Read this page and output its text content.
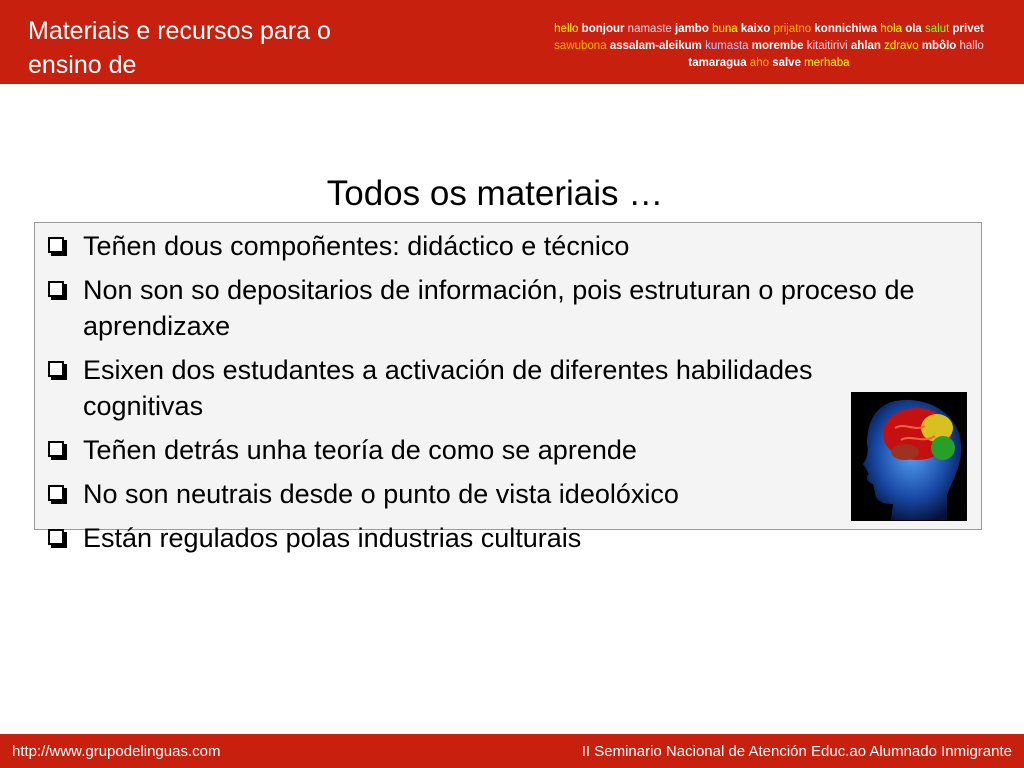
Materiais e recursos para o ensino de
hello bonjour namaste jambo buna kaixo prijatno konnichiwa hola ola salut privet sawubona assalam-aleikum kumasta morembe kitaitirivi ahlan zdravo mbôlo hallo tamaragua aho salve merhaba
Todos os materiais …
Teñen dous compoñentes: didáctico e técnico
Non son so depositarios de información, pois estruturan o proceso de aprendizaxe
Esixen dos estudantes a activación de diferentes habilidades cognitivas
Teñen detrás unha teoría de como se aprende
No son neutrais desde o punto de vista ideolóxico
Están regulados polas industrias culturais
http://www.grupodelinguas.com	II Seminario Nacional de Atención Educ.ao Alumnado Inmigrante
